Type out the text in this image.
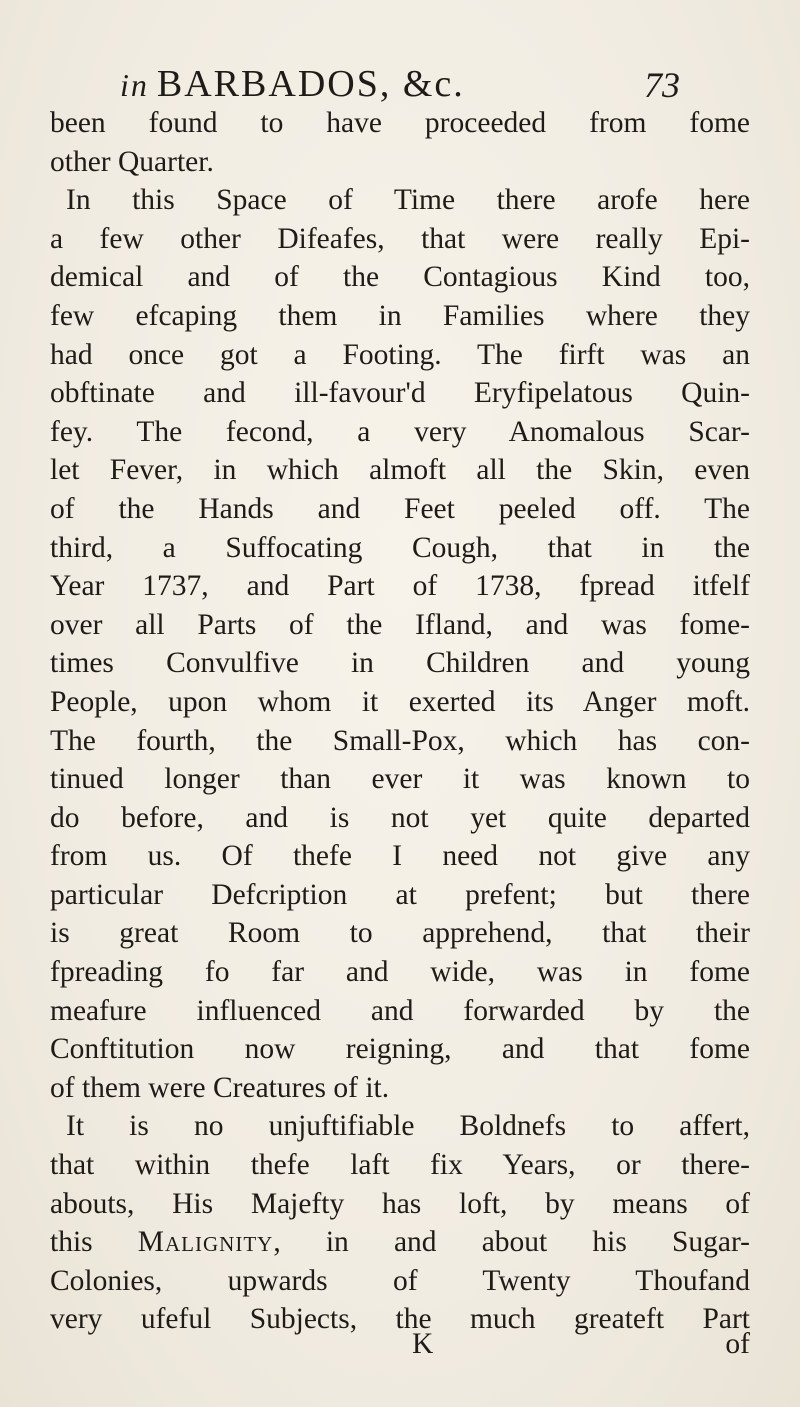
in BARBADOS, &c.	73
been found to have proceeded from fome
other Quarter.
In this Space of Time there arofe here
a few other Difeafes, that were really Epi-
demical and of the Contagious Kind too,
few efcaping them in Families where they
had once got a Footing. The firft was an
obftinate and ill-favour'd Eryfipelatous Quin-
fey. The fecond, a very Anomalous Scar-
let Fever, in which almoft all the Skin, even
of the Hands and Feet peeled off. The
third, a Suffocating Cough, that in the
Year 1737, and Part of 1738, fpread itfelf
over all Parts of the Ifland, and was fome-
times Convulfive in Children and young
People, upon whom it exerted its Anger moft.
The fourth, the Small-Pox, which has con-
tinued longer than ever it was known to
do before, and is not yet quite departed
from us. Of thefe I need not give any
particular Defcription at prefent; but there
is great Room to apprehend, that their
fpreading fo far and wide, was in fome
meafure influenced and forwarded by the
Conftitution now reigning, and that fome
of them were Creatures of it.
It is no unjuftifiable Boldnefs to affert,
that within thefe laft fix Years, or there-
abouts, His Majefty has loft, by means of
this Malignity, in and about his Sugar-
Colonies, upwards of Twenty Thoufand
very ufeful Subjects, the much greateft Part
K	of
